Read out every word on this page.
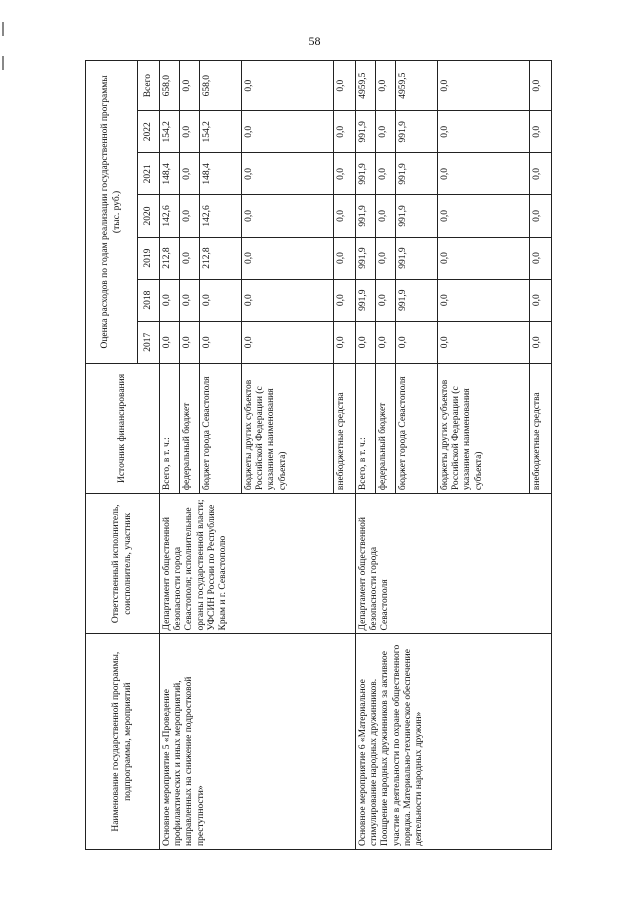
58
Наименование государственной программы, подпрограммы, мероприятий	Ответственный исполнитель, соисполнитель, участник	Источник финансирования	Оценка расходов по годам реализации государственной программы (тыс. руб.)						
			2017	2018	2019	2020	2021	2022	Всего
Основное мероприятие 5 «Проведение профилактических и иных мероприятий, направленных на снижение подростковой преступности»	Департамент общественной безопасности города Севастополя; исполнительные органы государственной власти; УФСИН России по Республике Крым и г. Севастополю	Всего, в т. ч.:	0,0	0,0	212,8	142,6	148,4	154,2	658,0
		федеральный бюджет	0,0	0,0	0,0	0,0	0,0	0,0	0,0
		бюджет города Севастополя	0,0	0,0	212,8	142,6	148,4	154,2	658,0
		бюджеты других субъектов Российской Федерации (с указанием наименования субъекта)	0,0	0,0	0,0	0,0	0,0	0,0	0,0
		внебюджетные средства	0,0	0,0	0,0	0,0	0,0	0,0	0,0
Основное мероприятие 6 «Материальное стимулирование народных дружинников. Поощрение народных дружинников за активное участие в деятельности по охране общественного порядка. Материально-техническое обеспечение деятельности народных дружин»	Департамент общественной безопасности города Севастополя	Всего, в т. ч.:	0,0	991,9	991,9	991,9	991,9	991,9	4959,5
		федеральный бюджет	0,0	0,0	0,0	0,0	0,0	0,0	0,0
		бюджет города Севастополя	0,0	991,9	991,9	991,9	991,9	991,9	4959,5
		бюджеты других субъектов Российской Федерации (с указанием наименования субъекта)	0,0	0,0	0,0	0,0	0,0	0,0	0,0
		внебюджетные средства	0,0	0,0	0,0	0,0	0,0	0,0	0,0
